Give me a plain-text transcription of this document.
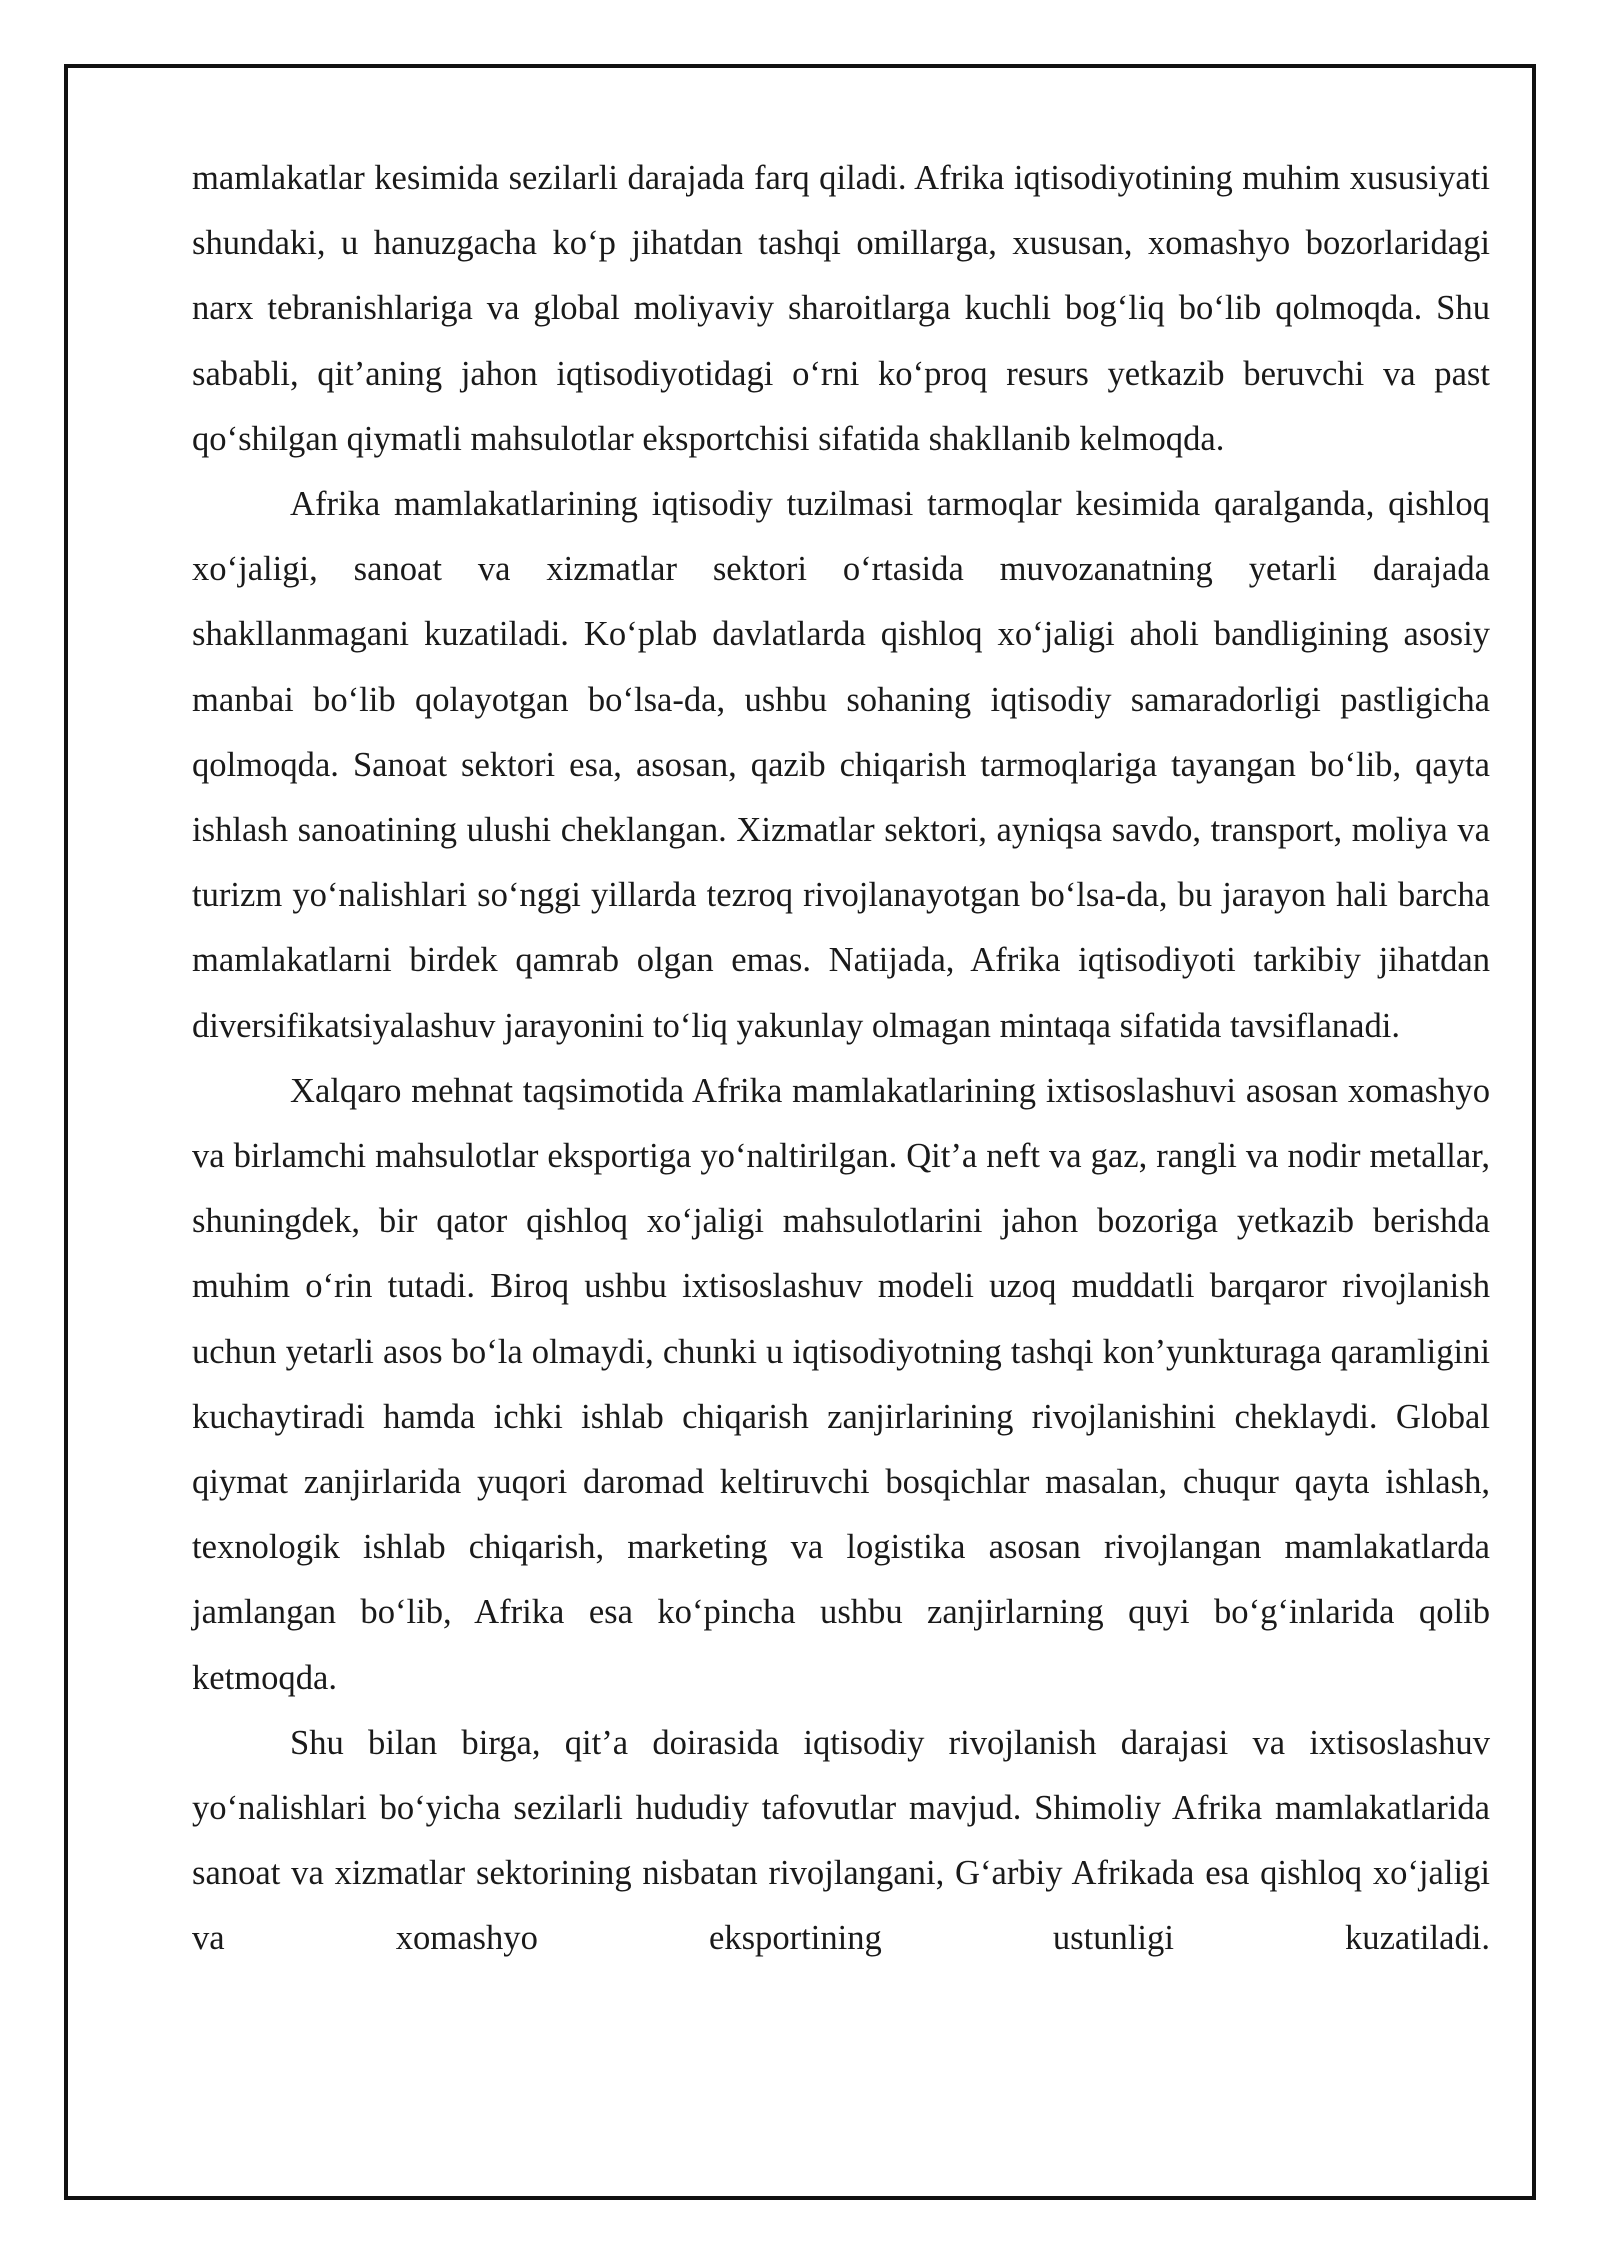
mamlakatlar kesimida sezilarli darajada farq qiladi. Afrika iqtisodiyotining muhim xususiyati shundaki, u hanuzgacha ko‘p jihatdan tashqi omillarga, xususan, xomashyo bozorlaridagi narx tebranishlariga va global moliyaviy sharoitlarga kuchli bog‘liq bo‘lib qolmoqda. Shu sababli, qit’aning jahon iqtisodiyotidagi o‘rni ko‘proq resurs yetkazib beruvchi va past qo‘shilgan qiymatli mahsulotlar eksportchisi sifatida shakllanib kelmoqda.

Afrika mamlakatlarining iqtisodiy tuzilmasi tarmoqlar kesimida qaralganda, qishloq xo‘jaligi, sanoat va xizmatlar sektori o‘rtasida muvozanatning yetarli darajada shakllanmagani kuzatiladi. Ko‘plab davlatlarda qishloq xo‘jaligi aholi bandligining asosiy manbai bo‘lib qolayotgan bo‘lsa-da, ushbu sohaning iqtisodiy samaradorligi pastligicha qolmoqda. Sanoat sektori esa, asosan, qazib chiqarish tarmoqlariga tayangan bo‘lib, qayta ishlash sanoatining ulushi cheklangan. Xizmatlar sektori, ayniqsa savdo, transport, moliya va turizm yo‘nalishlari so‘nggi yillarda tezroq rivojlanayotgan bo‘lsa-da, bu jarayon hali barcha mamlakatlarni birdek qamrab olgan emas. Natijada, Afrika iqtisodiyoti tarkibiy jihatdan diversifikatsiyalashuv jarayonini to‘liq yakunlay olmagan mintaqa sifatida tavsiflanadi.

Xalqaro mehnat taqsimotida Afrika mamlakatlarining ixtisoslashuvi asosan xomashyo va birlamchi mahsulotlar eksportiga yo‘naltirilgan. Qit’a neft va gaz, rangli va nodir metallar, shuningdek, bir qator qishloq xo‘jaligi mahsulotlarini jahon bozoriga yetkazib berishda muhim o‘rin tutadi. Biroq ushbu ixtisoslashuv modeli uzoq muddatli barqaror rivojlanish uchun yetarli asos bo‘la olmaydi, chunki u iqtisodiyotning tashqi kon’yunkturaga qaramligini kuchaytiradi hamda ichki ishlab chiqarish zanjirlarining rivojlanishini cheklaydi. Global qiymat zanjirlarida yuqori daromad keltiruvchi bosqichlar masalan, chuqur qayta ishlash, texnologik ishlab chiqarish, marketing va logistika asosan rivojlangan mamlakatlarda jamlangan bo‘lib, Afrika esa ko‘pincha ushbu zanjirlarning quyi bo‘g‘inlarida qolib ketmoqda.

Shu bilan birga, qit’a doirasida iqtisodiy rivojlanish darajasi va ixtisoslashuv yo‘nalishlari bo‘yicha sezilarli hududiy tafovutlar mavjud. Shimoliy Afrika mamlakatlarida sanoat va xizmatlar sektorining nisbatan rivojlangani, G‘arbiy Afrikada esa qishloq xo‘jaligi va xomashyo eksportining ustunligi kuzatiladi.
